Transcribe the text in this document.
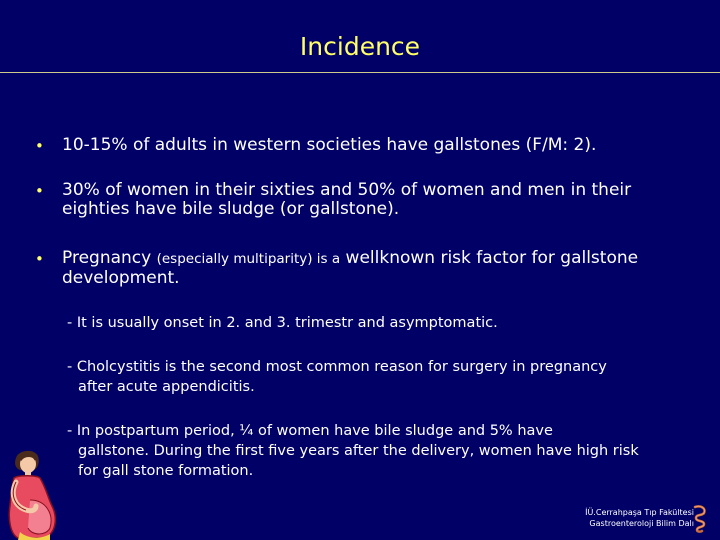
Incidence
• 10-15% of adults in western societies have gallstones (F/M: 2).
• 30% of women in their sixties and 50% of women and men in their
eighties have bile sludge (or gallstone).
• Pregnancy (especially multiparity) is a wellknown risk factor for gallstone
development.
- It is usually onset in 2. and 3. trimestr and asymptomatic.
- Cholcystitis is the second most common reason for surgery in pregnancy
after acute appendicitis.
- In postpartum period, ¼ of women have bile sludge and 5% have
gallstone. During the first five years after the delivery, women have high risk
for gall stone formation.
İÜ.Cerrahpaşa Tıp Fakültesi
Gastroenteroloji Bilim Dalı
